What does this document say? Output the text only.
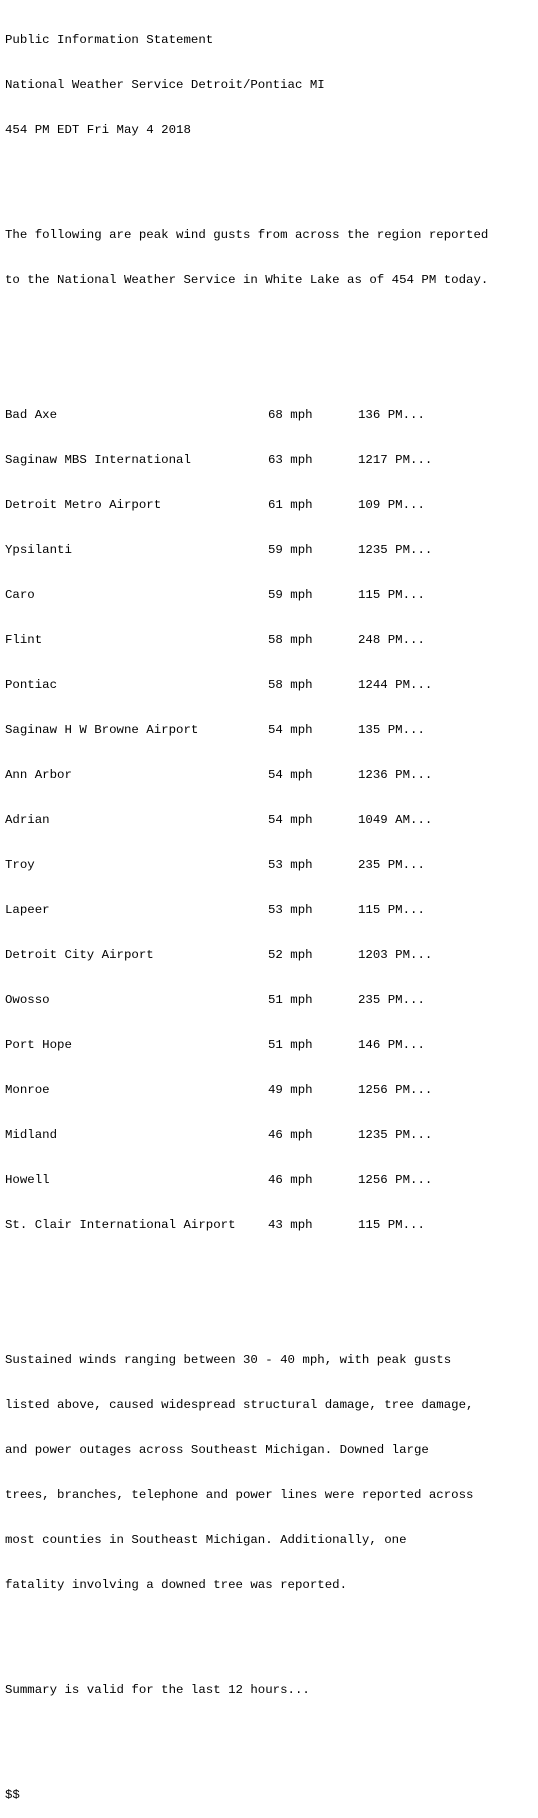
Public Information Statement

National Weather Service Detroit/Pontiac MI

454 PM EDT Fri May 4 2018

The following are peak wind gusts from across the region reported

to the National Weather Service in White Lake as of 454 PM today.

Bad Axe	68 mph	136 PM...

Saginaw MBS International	63 mph	1217 PM...

Detroit Metro Airport	61 mph	109 PM...

Ypsilanti	59 mph	1235 PM...

Caro	59 mph	115 PM...

Flint	58 mph	248 PM...

Pontiac	58 mph	1244 PM...

Saginaw H W Browne Airport	54 mph	135 PM...

Ann Arbor	54 mph	1236 PM...

Adrian	54 mph	1049 AM...

Troy	53 mph	235 PM...

Lapeer	53 mph	115 PM...

Detroit City Airport	52 mph	1203 PM...

Owosso	51 mph	235 PM...

Port Hope	51 mph	146 PM...

Monroe	49 mph	1256 PM...

Midland	46 mph	1235 PM...

Howell	46 mph	1256 PM...

St. Clair International Airport	43 mph	115 PM...

Sustained winds ranging between 30 - 40 mph, with peak gusts

listed above, caused widespread structural damage, tree damage,

and power outages across Southeast Michigan. Downed large

trees, branches, telephone and power lines were reported across

most counties in Southeast Michigan. Additionally, one

fatality involving a downed tree was reported.

Summary is valid for the last 12 hours...

$$
